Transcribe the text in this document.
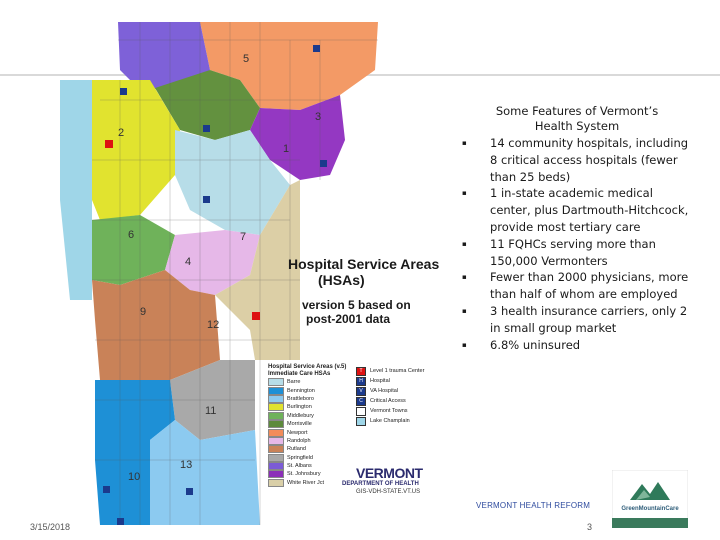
5
2
3
1
6
4
7
9
12
11
13
10
Hospital Service Areas
(HSAs)
version 5 based on
post-2001 data
Hospital Service Areas (v.5)
Immediate Care HSAs
Barre
Bennington
Brattleboro
Burlington
Middlebury
Morrisville
Newport
Randolph
Rutland
Springfield
St. Albans
St. Johnsbury
White River Jct
T	Level 1 trauma Center
H	Hospital
V	VA Hospital
C	Critical Access
Vermont Towns
Lake Champlain
VERMONT
DEPARTMENT OF HEALTH
GIS-VDH-STATE.VT.US
Some Features of Vermont’s
Health System
▪ 14 community hospitals, including 8 critical access hospitals (fewer than 25 beds)
▪ 1 in-state academic medical center, plus Dartmouth-Hitchcock, provide most tertiary care
▪ 11 FQHCs serving more than 150,000 Vermonters
▪ Fewer than 2000 physicians, more than half of whom are employed
▪ 3 health insurance carriers, only 2 in small group market
▪ 6.8% uninsured
VERMONT HEALTH REFORM
3/15/2018	3
GreenMountainCare
